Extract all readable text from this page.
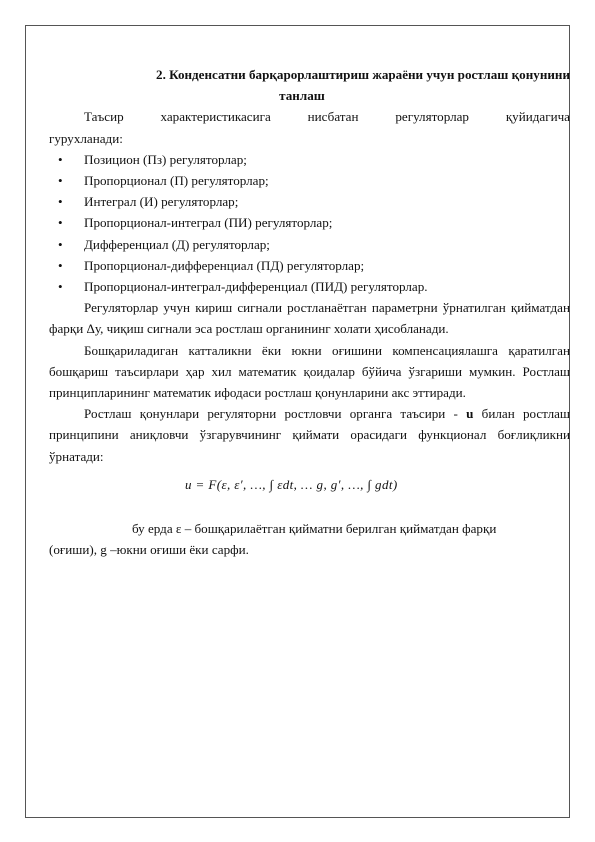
2. Конденсатни барқарорлаштириш жараёни учун ростлаш қонунини
танлаш

Таъсир характеристикасига нисбатан регуляторлар қуйидагича

гурухланади:

• Позицион (Пз) регуляторлар;
• Пропорционал (П) регуляторлар;
• Интеграл (И) регуляторлар;
• Пропорционал-интеграл (ПИ) регуляторлар;
• Дифференциал (Д) регуляторлар;
• Пропорционал-дифференциал (ПД) регуляторлар;
• Пропорционал-интеграл-дифференциал (ПИД) регуляторлар.

Регуляторлар учун кириш сигнали ростланаётган параметрни ўрнатилган қийматдан фарқи Δу, чиқиш сигнали эса ростлаш органининг холати ҳисобланади.

Бошқариладиган катталикни ёки юкни оғишини компенсациялашга қаратилган бошқариш таъсирлари ҳар хил математик қоидалар бўйича ўзгариши мумкин. Ростлаш принципларининг математик ифодаси ростлаш қонунларини акс эттиради.

Ростлаш қонунлари регуляторни ростловчи органга таъсири - u билан ростлаш принципини аниқловчи ўзгарувчининг қиймати орасидаги функционал боғлиқликни ўрнатади:

u = F(ε, ε′, …, ∫ εdt, … g, g′, …, ∫ gdt)

бу ерда ε – бошқарилаётган қийматни берилган қийматдан фарқи
(оғиши), g –юкни оғиши ёки сарфи.
